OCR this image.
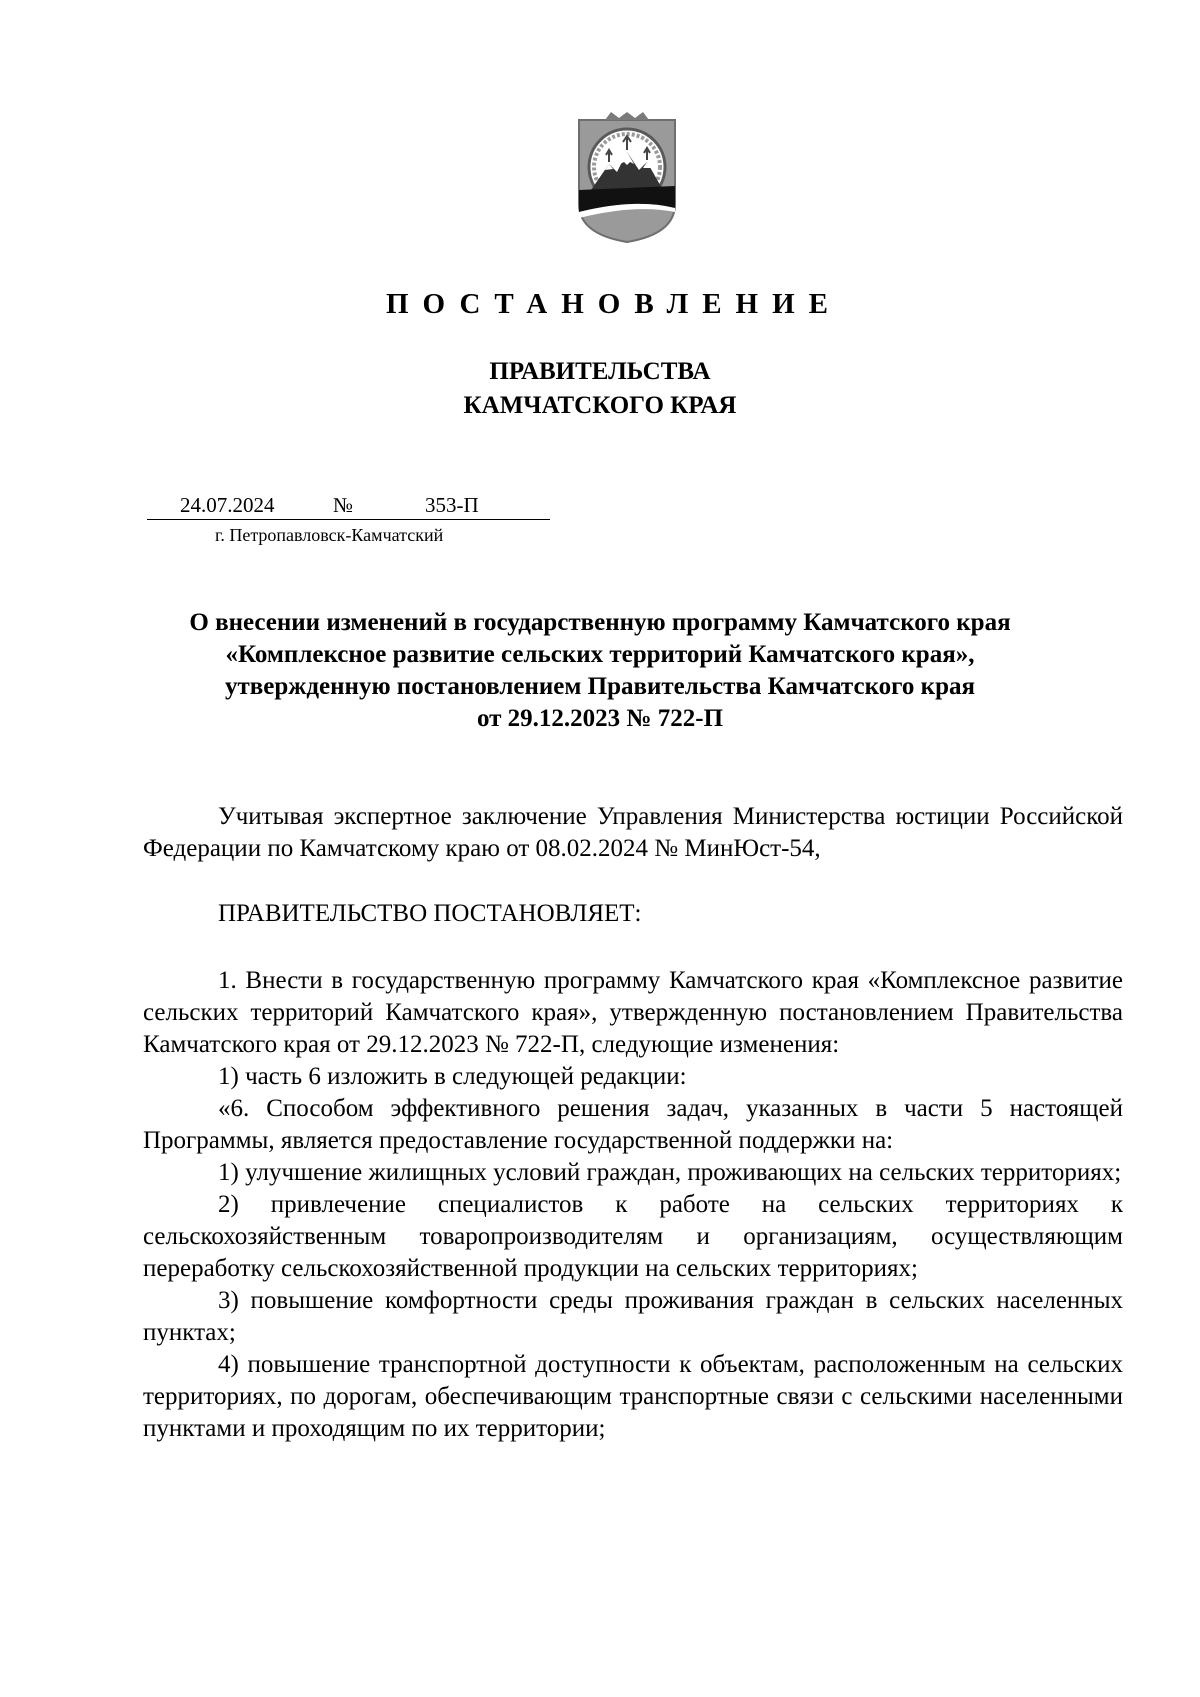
ПОСТАНОВЛЕНИЕ
ПРАВИТЕЛЬСТВА
КАМЧАТСКОГО КРАЯ
24.07.2024	№	353-П
г. Петропавловск-Камчатский
О внесении изменений в государственную программу Камчатского края
«Комплексное развитие сельских территорий Камчатского края»,
утвержденную постановлением Правительства Камчатского края
от 29.12.2023 № 722-П

Учитывая экспертное заключение Управления Министерства юстиции Российской Федерации по Камчатскому краю от 08.02.2024 № МинЮст-54,

ПРАВИТЕЛЬСТВО ПОСТАНОВЛЯЕТ:

1. Внести в государственную программу Камчатского края «Комплексное развитие сельских территорий Камчатского края», утвержденную постановлением Правительства Камчатского края от 29.12.2023 № 722-П, следующие изменения:

1) часть 6 изложить в следующей редакции:

«6. Способом эффективного решения задач, указанных в части 5 настоящей Программы, является предоставление государственной поддержки на:

1) улучшение жилищных условий граждан, проживающих на сельских территориях;

2) привлечение специалистов к работе на сельских территориях к сельскохозяйственным товаропроизводителям и организациям, осуществляющим переработку сельскохозяйственной продукции на сельских территориях;

3) повышение комфортности среды проживания граждан в сельских населенных пунктах;

4) повышение транспортной доступности к объектам, расположенным на сельских территориях, по дорогам, обеспечивающим транспортные связи с сельскими населенными пунктами и проходящим по их территории;
